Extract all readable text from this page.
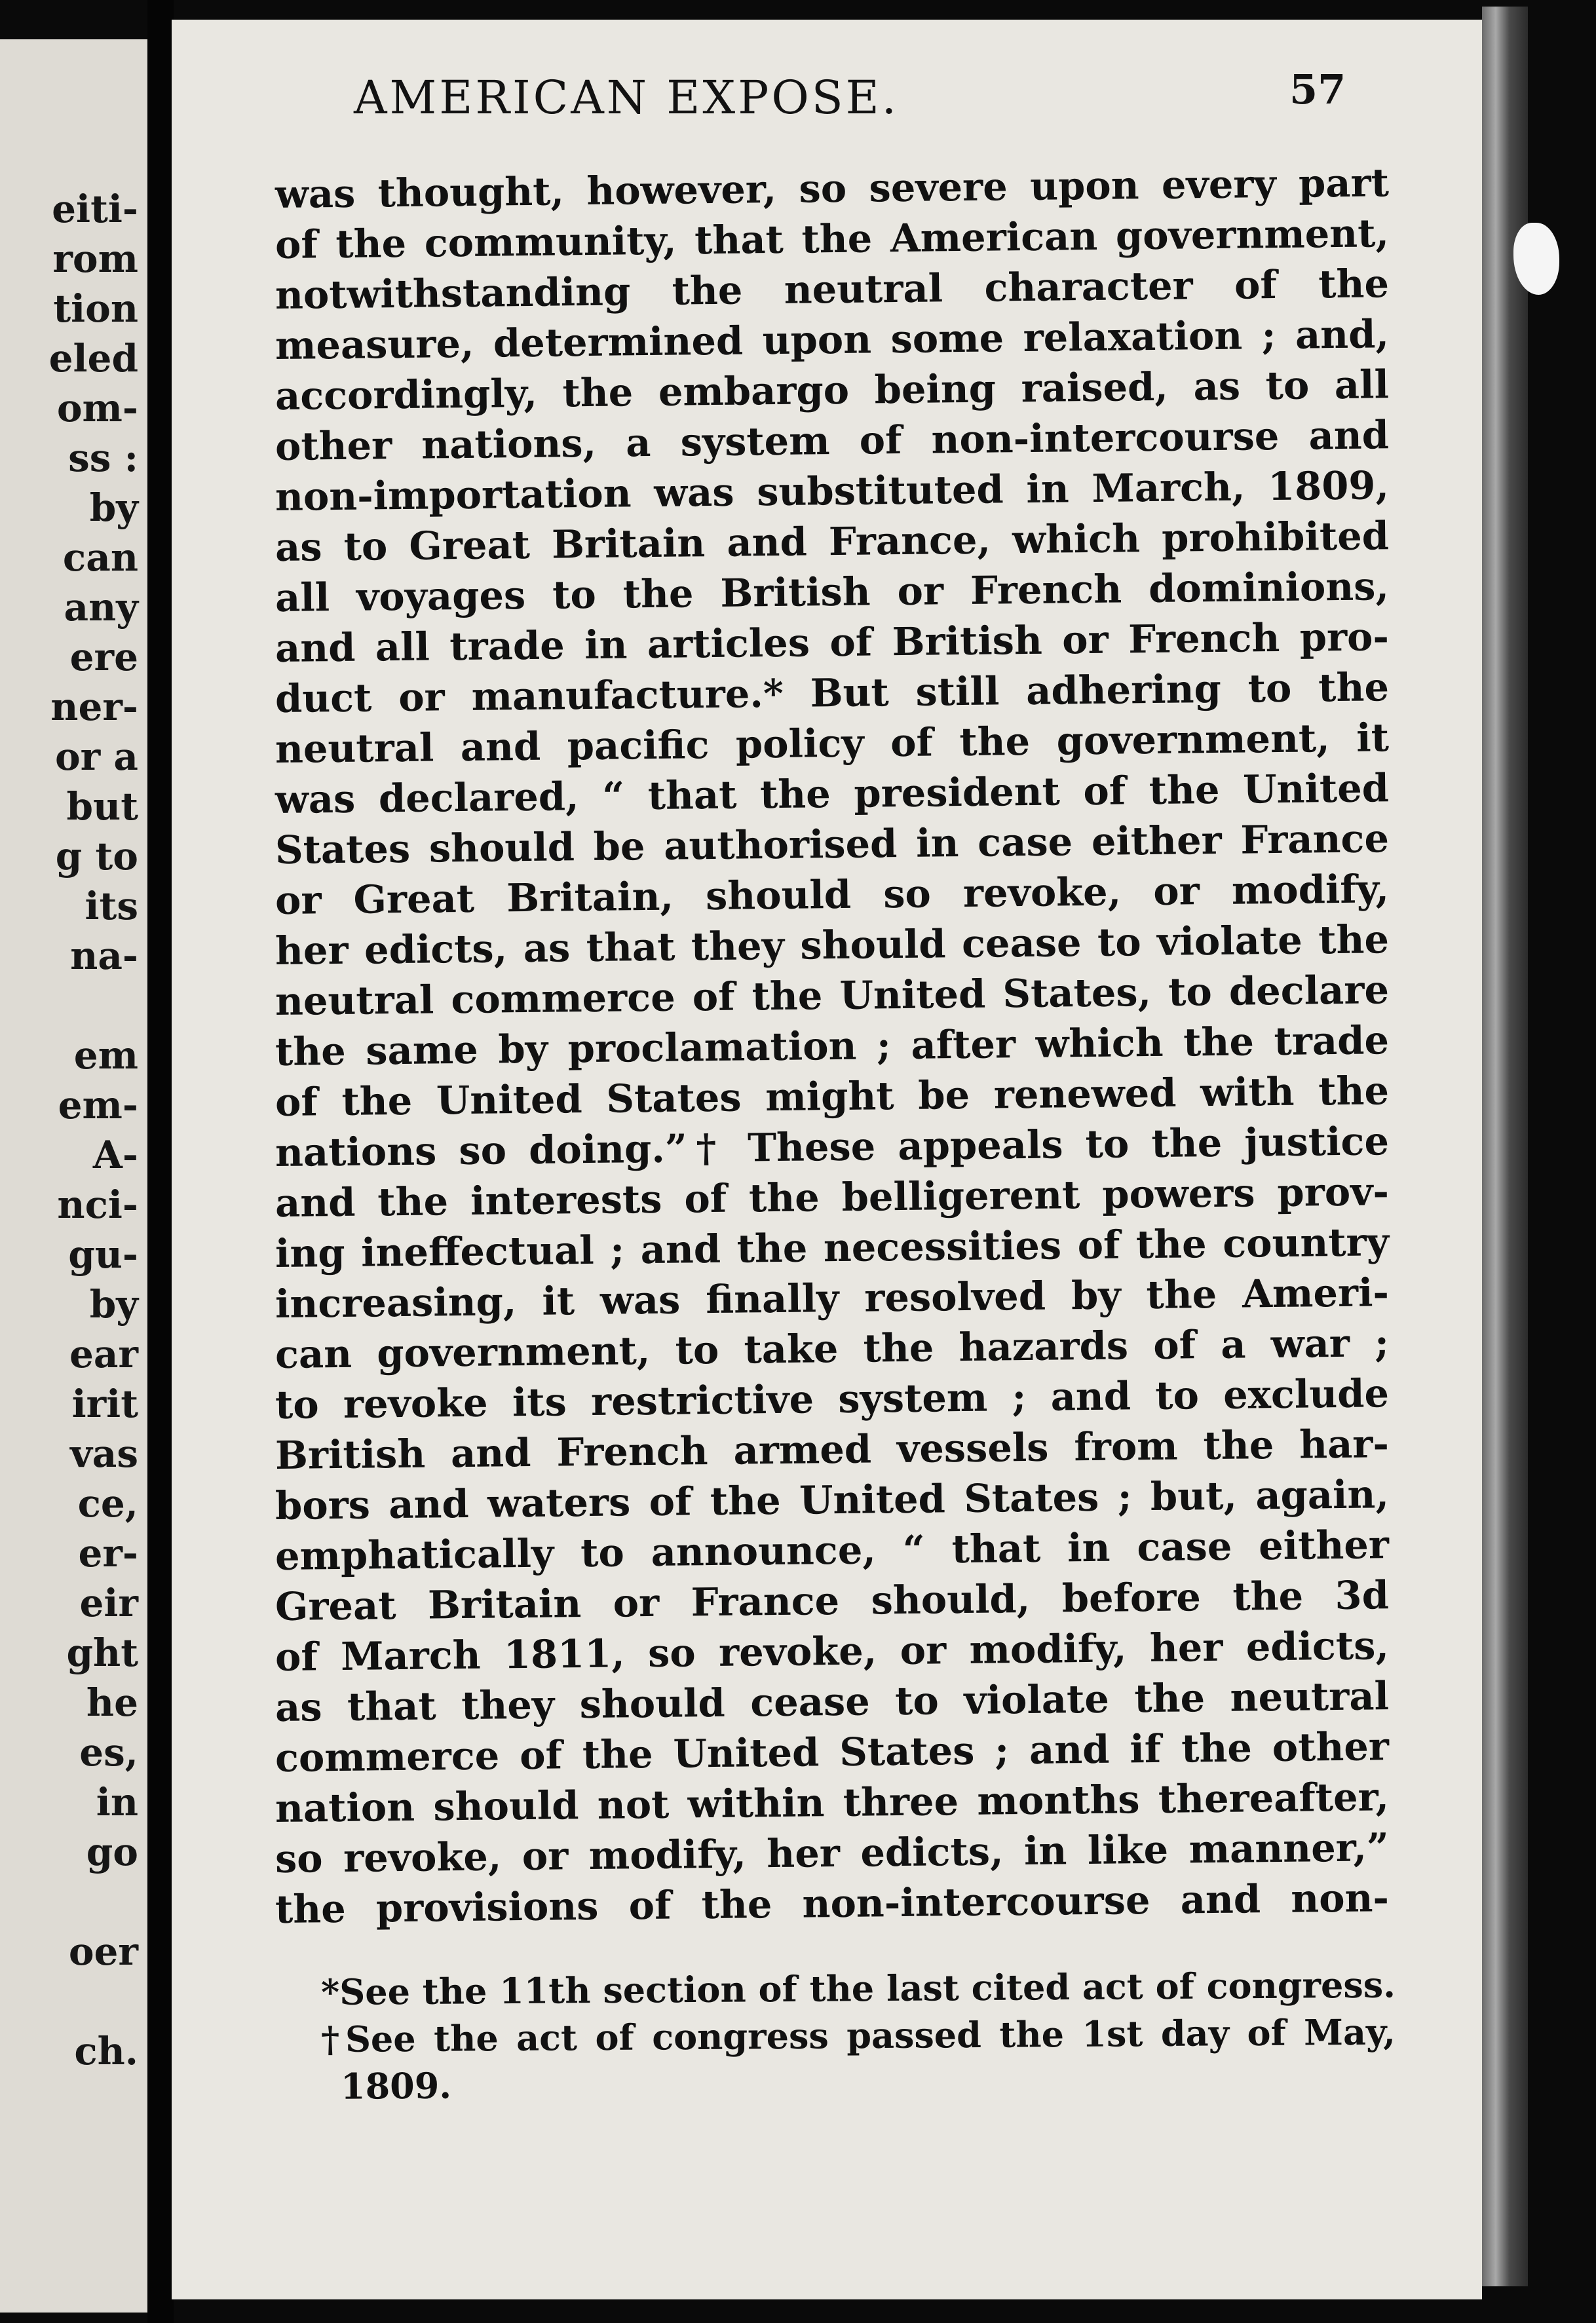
eiti-
rom
tion
eled
om-
ss :
by
can
any
ere
ner-
or a
but
g to
its
na-
em
em-
A-
nci-
gu-
by
ear
irit
vas
ce,
er-
eir
ght
he
es,
in
go
oer
ch.
AMERICAN EXPOSE.	57
was thought, however, so severe upon every part
of the community, that the American government,
notwithstanding the neutral character of the
measure, determined upon some relaxation ; and,
accordingly, the embargo being raised, as to all
other nations, a system of non-intercourse and
non-importation was substituted in March, 1809,
as to Great Britain and France, which prohibited
all voyages to the British or French dominions,
and all trade in articles of British or French pro-
duct or manufacture.* But still adhering to the
neutral and pacific policy of the government, it
was declared, “ that the president of the United
States should be authorised in case either France
or Great Britain, should so revoke, or modify,
her edicts, as that they should cease to violate the
neutral commerce of the United States, to declare
the same by proclamation ; after which the trade
of the United States might be renewed with the
nations so doing.”† These appeals to the justice
and the interests of the belligerent powers prov-
ing ineffectual ; and the necessities of the country
increasing, it was finally resolved by the Ameri-
can government, to take the hazards of a war ;
to revoke its restrictive system ; and to exclude
British and French armed vessels from the har-
bors and waters of the United States ; but, again,
emphatically to announce, “ that in case either
Great Britain or France should, before the 3d
of March 1811, so revoke, or modify, her edicts,
as that they should cease to violate the neutral
commerce of the United States ; and if the other
nation should not within three months thereafter,
so revoke, or modify, her edicts, in like manner,”
the provisions of the non-intercourse and non-
*See the 11th section of the last cited act of congress.
†See the act of congress passed the 1st day of May,
1809.
